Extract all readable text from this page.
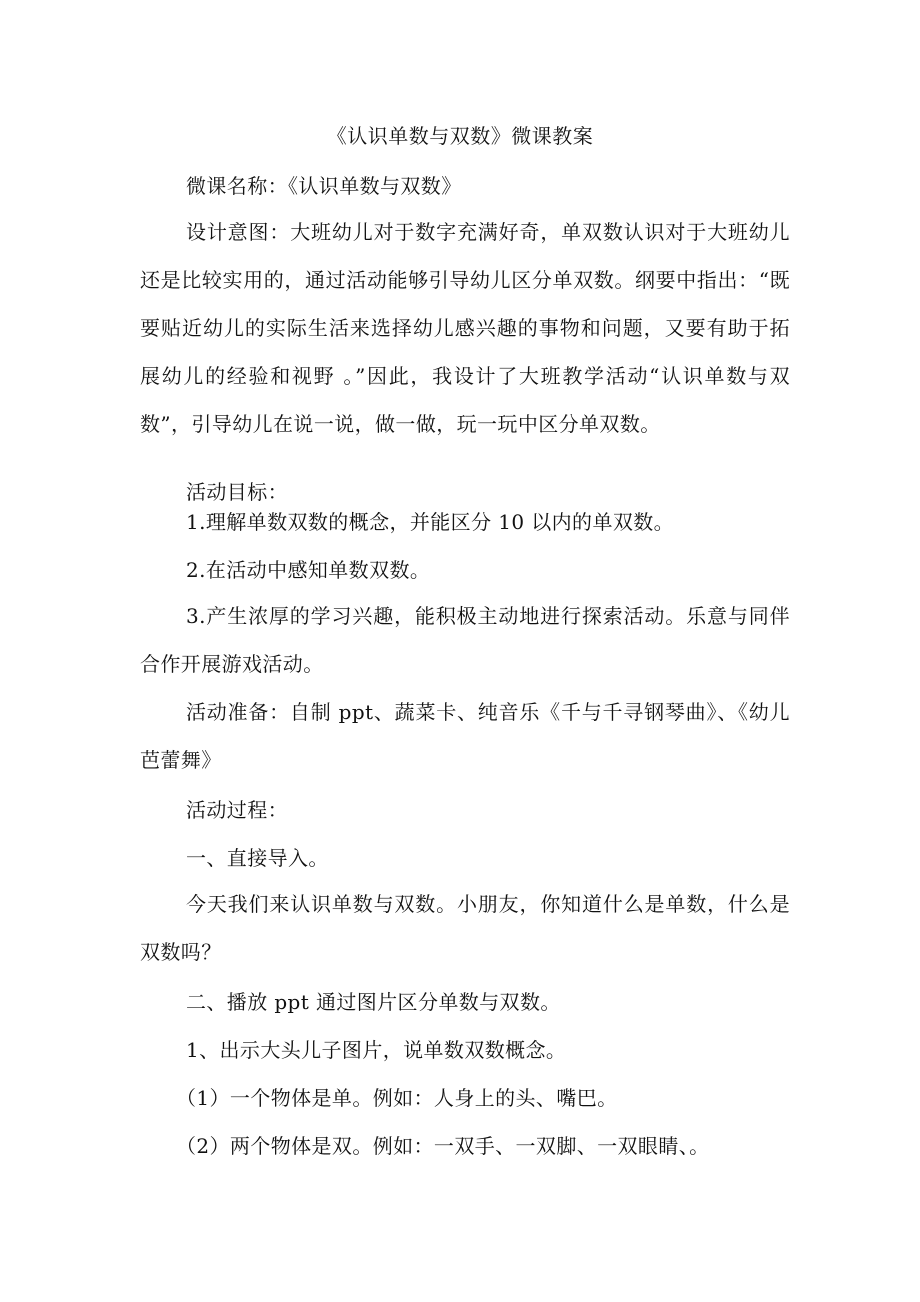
《认识单数与双数》微课教案
微课名称：《认识单数与双数》
设计意图：大班幼儿对于数字充满好奇，单双数认识对于大班幼儿还是比较实用的，通过活动能够引导幼儿区分单双数。纲要中指出：“既要贴近幼儿的实际生活来选择幼儿感兴趣的事物和问题，又要有助于拓展幼儿的经验和视野 。”因此，我设计了大班教学活动“认识单数与双数”，引导幼儿在说一说，做一做，玩一玩中区分单双数。
活动目标：
1.理解单数双数的概念，并能区分 10 以内的单双数。
2.在活动中感知单数双数。
3.产生浓厚的学习兴趣，能积极主动地进行探索活动。乐意与同伴合作开展游戏活动。
活动准备：自制 ppt、蔬菜卡、纯音乐《千与千寻钢琴曲》、《幼儿芭蕾舞》
活动过程：
一、直接导入。
今天我们来认识单数与双数。小朋友，你知道什么是单数，什么是双数吗？
二、播放 ppt 通过图片区分单数与双数。
1、出示大头儿子图片，说单数双数概念。
（1）一个物体是单。例如：人身上的头、嘴巴。
（2）两个物体是双。例如：一双手、一双脚、一双眼睛、。
